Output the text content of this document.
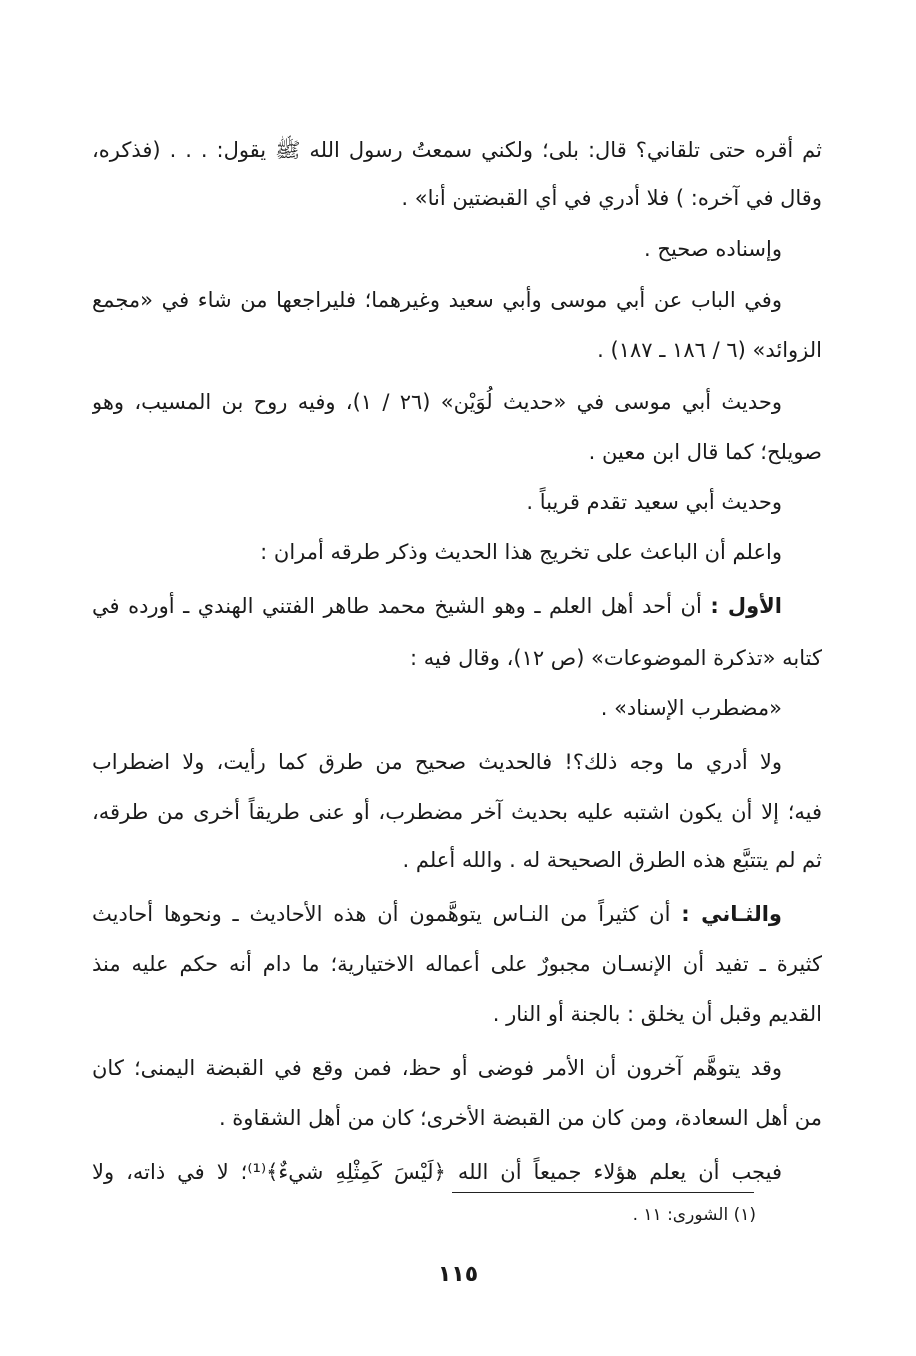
ثم أقره حتى تلقاني؟ قال: بلى؛ ولكني سمعتُ رسول الله ﷺ يقول: . . . (فذكره،
وقال في آخره: ) فلا أدري في أي القبضتين أنا» .
وإسناده صحيح .
وفي الباب عن أبي موسى وأبي سعيد وغيرهما؛ فليراجعها من شاء في «مجمع
الزوائد» (٦ / ١٨٦ ـ ١٨٧) .
وحديث أبي موسى في «حديث لُوَيْن» (٢٦ / ١)، وفيه روح بن المسيب، وهو
صويلح؛ كما قال ابن معين .
وحديث أبي سعيد تقدم قريباً .
واعلم أن الباعث على تخريج هذا الحديث وذكر طرقه أمران :
الأول : أن أحد أهل العلم ـ وهو الشيخ محمد طاهر الفتني الهندي ـ أورده في
كتابه «تذكرة الموضوعات» (ص ١٢)، وقال فيه :
«مضطرب الإسناد» .
ولا أدري ما وجه ذلك؟! فالحديث صحيح من طرق كما رأيت، ولا اضطراب
فيه؛ إلا أن يكون اشتبه عليه بحديث آخر مضطرب، أو عنى طريقاً أخرى من طرقه،
ثم لم يتتبَّع هذه الطرق الصحيحة له . والله أعلم .
والثـاني : أن كثيراً من النـاس يتوهَّمون أن هذه الأحاديث ـ ونحوها أحاديث
كثيرة ـ تفيد أن الإنسـان مجبورٌ على أعماله الاختيارية؛ ما دام أنه حكم عليه منذ
القديم وقبل أن يخلق : بالجنة أو النار .
وقد يتوهَّم آخرون أن الأمر فوضى أو حظ، فمن وقع في القبضة اليمنى؛ كان
من أهل السعادة، ومن كان من القبضة الأخرى؛ كان من أهل الشقاوة .
فيجب أن يعلم هؤلاء جميعاً أن الله ﴿لَيْسَ كَمِثْلِهِ شيءٌ﴾⁽¹⁾؛ لا في ذاته، ولا
(١) الشورى: ١١ .
١١٥
